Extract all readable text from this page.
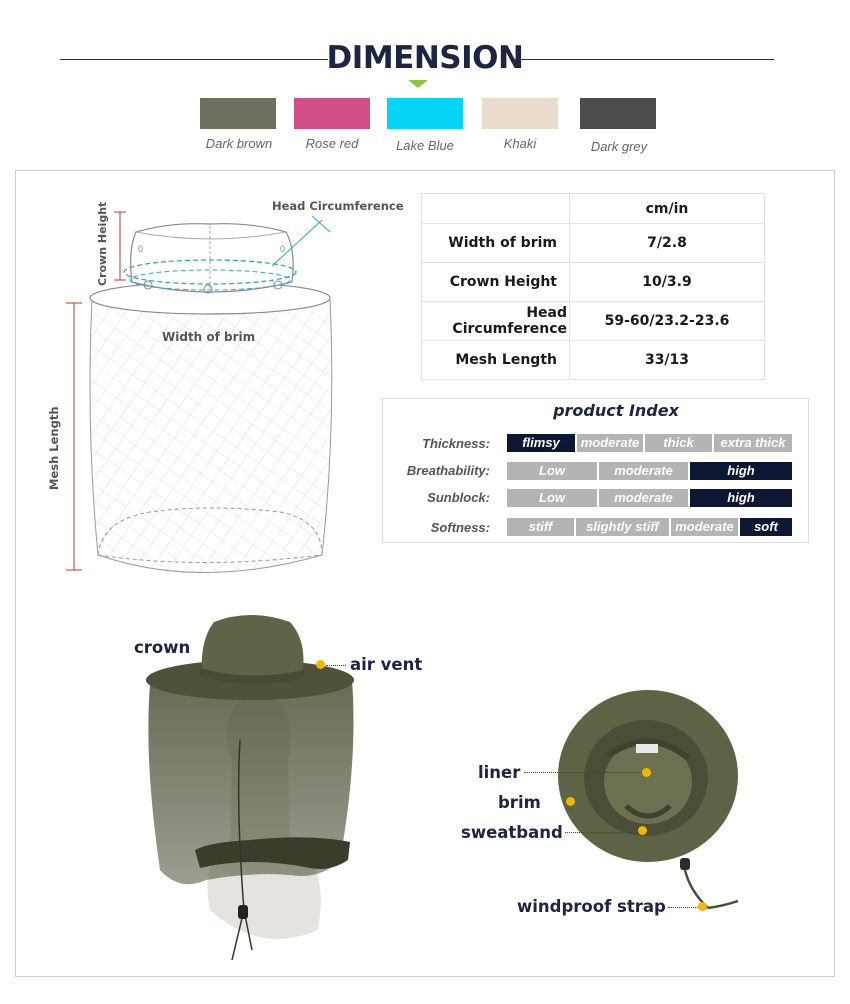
DIMENSION
Dark brown	Rose red	Lake Blue	Khaki	Dark grey
0	0
Head Circumference
Crown Height
Width of brim
Mesh Length
	cm/in
Width of brim	7/2.8
Crown Height	10/3.9
Head Circumference	59-60/23.2-23.6
Mesh Length	33/13
product Index
Thickness:	flimsy	moderate	thick	extra thick
Breathability:	Low	moderate	high
Sunblock:	Low	moderate	high
Softness:	stiff	slightly stiff	moderate	soft
crown
air vent
liner
brim
sweatband
windproof strap
